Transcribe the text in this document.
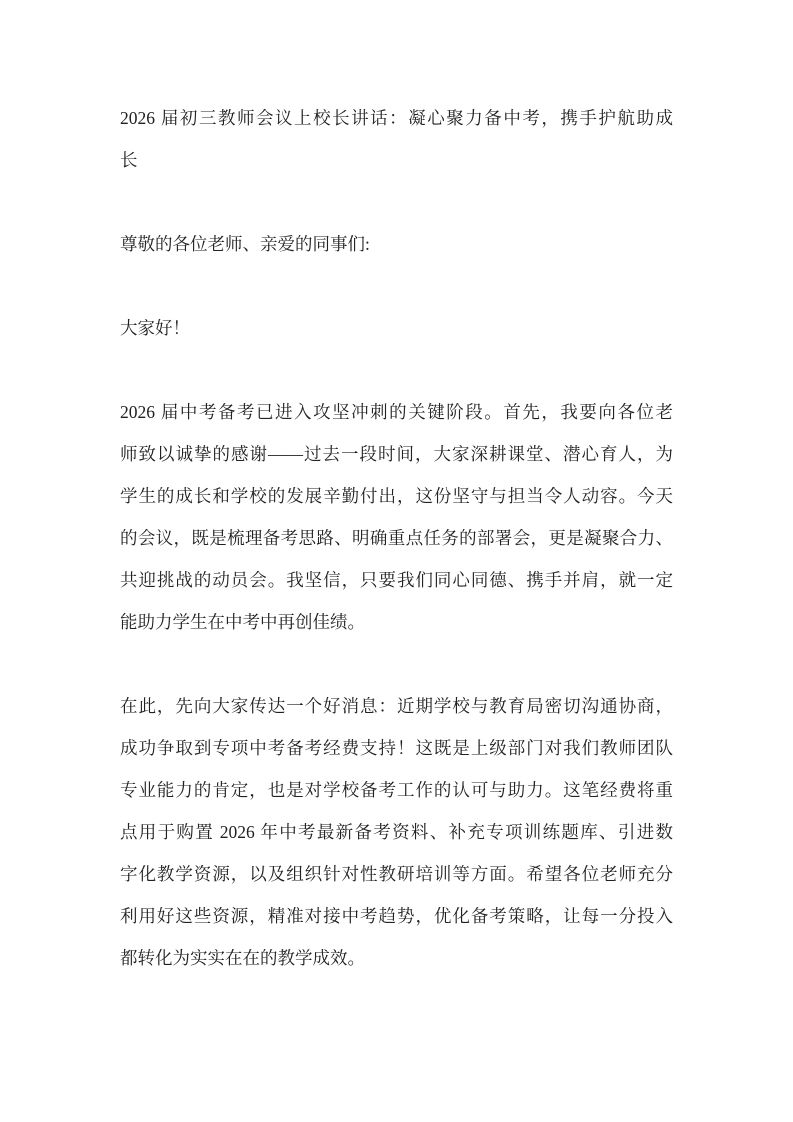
2026 届初三教师会议上校长讲话：凝心聚力备中考，携手护航助成
长
尊敬的各位老师、亲爱的同事们:
大家好！
2026 届中考备考已进入攻坚冲刺的关键阶段。首先，我要向各位老
师致以诚挚的感谢——过去一段时间，大家深耕课堂、潜心育人，为
学生的成长和学校的发展辛勤付出，这份坚守与担当令人动容。今天
的会议，既是梳理备考思路、明确重点任务的部署会，更是凝聚合力、
共迎挑战的动员会。我坚信，只要我们同心同德、携手并肩，就一定
能助力学生在中考中再创佳绩。
在此，先向大家传达一个好消息：近期学校与教育局密切沟通协商，
成功争取到专项中考备考经费支持！这既是上级部门对我们教师团队
专业能力的肯定，也是对学校备考工作的认可与助力。这笔经费将重
点用于购置 2026 年中考最新备考资料、补充专项训练题库、引进数
字化教学资源，以及组织针对性教研培训等方面。希望各位老师充分
利用好这些资源，精准对接中考趋势，优化备考策略，让每一分投入
都转化为实实在在的教学成效。
